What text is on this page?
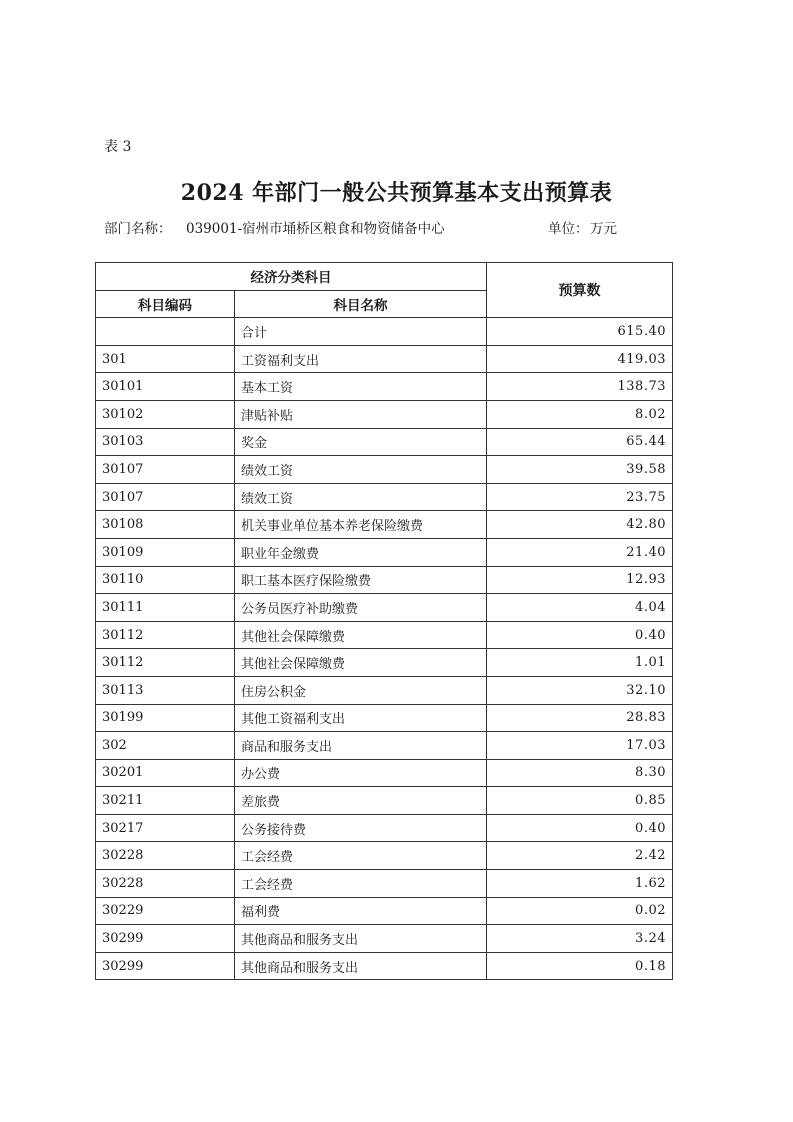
表 3
2024 年部门一般公共预算基本支出预算表
部门名称： 039001-宿州市埇桥区粮食和物资储备中心	单位： 万元
经济分类科目		预算数
科目编码	科目名称	
	合计	615.40
301	工资福利支出	419.03
30101	基本工资	138.73
30102	津贴补贴	8.02
30103	奖金	65.44
30107	绩效工资	39.58
30107	绩效工资	23.75
30108	机关事业单位基本养老保险缴费	42.80
30109	职业年金缴费	21.40
30110	职工基本医疗保险缴费	12.93
30111	公务员医疗补助缴费	4.04
30112	其他社会保障缴费	0.40
30112	其他社会保障缴费	1.01
30113	住房公积金	32.10
30199	其他工资福利支出	28.83
302	商品和服务支出	17.03
30201	办公费	8.30
30211	差旅费	0.85
30217	公务接待费	0.40
30228	工会经费	2.42
30228	工会经费	1.62
30229	福利费	0.02
30299	其他商品和服务支出	3.24
30299	其他商品和服务支出	0.18
